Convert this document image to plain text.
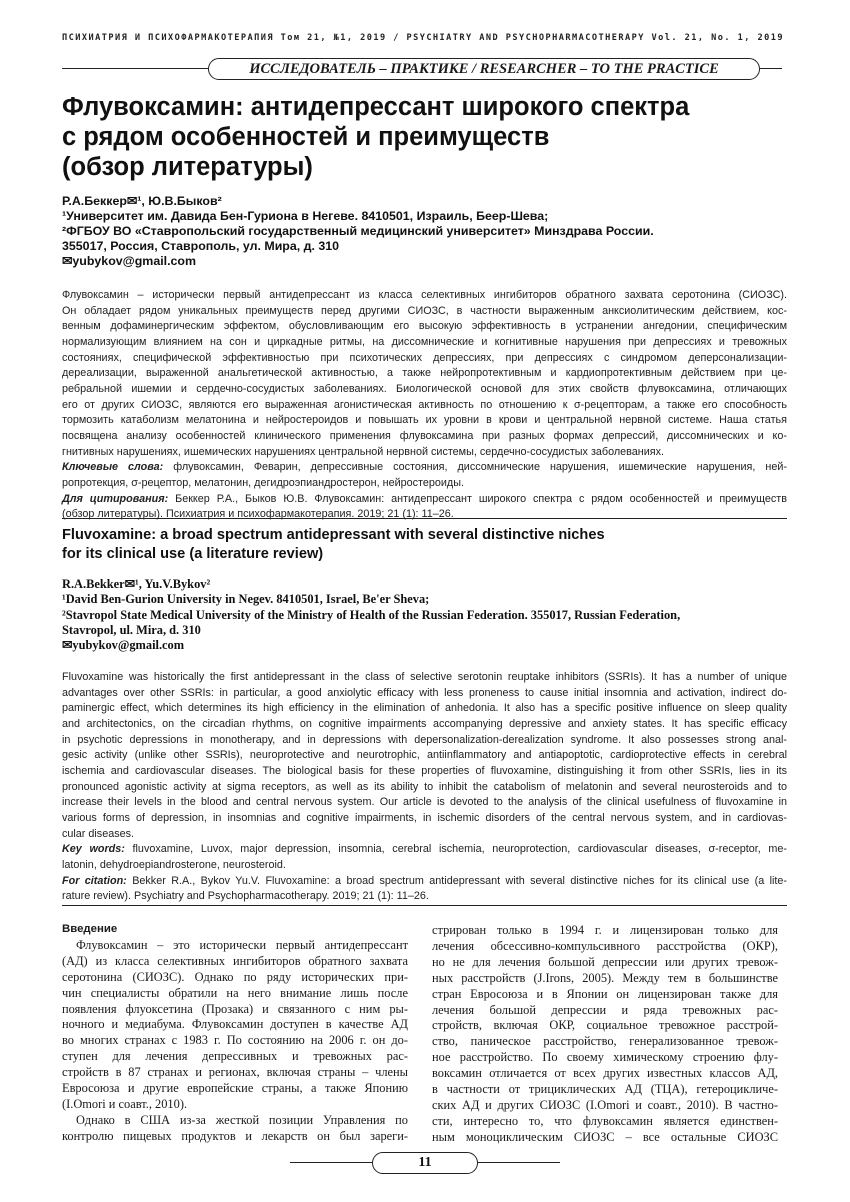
ПСИХИАТРИЯ И ПСИХОФАРМАКОТЕРАПИЯ Том 21, №1, 2019 / PSYCHIATRY AND PSYCHOPHARMACOTHERAPY Vol. 21, No. 1, 2019
ИССЛЕДОВАТЕЛЬ – ПРАКТИКЕ / RESEARCHER – TO THE PRACTICE
Флувоксамин: антидепрессант широкого спектра
с рядом особенностей и преимуществ
(обзор литературы)
Р.А.Беккер✉¹, Ю.В.Быков²
¹Университет им. Давида Бен-Гуриона в Негеве. 8410501, Израиль, Беер-Шева;
²ФГБОУ ВО «Ставропольский государственный медицинский университет» Минздрава России.
355017, Россия, Ставрополь, ул. Мира, д. 310
✉yubykov@gmail.com
Флувоксамин – исторически первый антидепрессант из класса селективных ингибиторов обратного захвата серотонина (СИОЗС).
Он обладает рядом уникальных преимуществ перед другими СИОЗС, в частности выраженным анксиолитическим действием, кос-
венным дофаминергическим эффектом, обусловливающим его высокую эффективность в устранении ангедонии, специфическим
нормализующим влиянием на сон и циркадные ритмы, на диссомнические и когнитивные нарушения при депрессиях и тревожных
состояниях, специфической эффективностью при психотических депрессиях, при депрессиях с синдромом деперсонализации-
дереализации, выраженной анальгетической активностью, а также нейропротективным и кардиопротективным действием при це-
ребральной ишемии и сердечно-сосудистых заболеваниях. Биологической основой для этих свойств флувоксамина, отличающих
его от других СИОЗС, являются его выраженная агонистическая активность по отношению к σ-рецепторам, а также его способность
тормозить катаболизм мелатонина и нейростероидов и повышать их уровни в крови и центральной нервной системе. Наша статья
посвящена анализу особенностей клинического применения флувоксамина при разных формах депрессий, диссомнических и ко-
гнитивных нарушениях, ишемических нарушениях центральной нервной системы, сердечно-сосудистых заболеваниях.
Ключевые слова: флувоксамин, Феварин, депрессивные состояния, диссомнические нарушения, ишемические нарушения, ней-
ропротекция, σ-рецептор, мелатонин, дегидроэпиандростерон, нейростероиды.
Для цитирования: Беккер Р.А., Быков Ю.В. Флувоксамин: антидепрессант широкого спектра с рядом особенностей и преимуществ
(обзор литературы). Психиатрия и психофармакотерапия. 2019; 21 (1): 11–26.
Fluvoxamine: a broad spectrum antidepressant with several distinctive niches
for its clinical use (a literature review)
R.A.Bekker✉¹, Yu.V.Bykov²
¹David Ben-Gurion University in Negev. 8410501, Israel, Be'er Sheva;
²Stavropol State Medical University of the Ministry of Health of the Russian Federation. 355017, Russian Federation,
Stavropol, ul. Mira, d. 310
✉yubykov@gmail.com
Fluvoxamine was historically the first antidepressant in the class of selective serotonin reuptake inhibitors (SSRIs). It has a number of unique
advantages over other SSRIs: in particular, a good anxiolytic efficacy with less proneness to cause initial insomnia and activation, indirect do-
paminergic effect, which determines its high efficiency in the elimination of anhedonia. It also has a specific positive influence on sleep quality
and architectonics, on the circadian rhythms, on cognitive impairments accompanying depressive and anxiety states. It has specific efficacy
in psychotic depressions in monotherapy, and in depressions with depersonalization-derealization syndrome. It also possesses strong anal-
gesic activity (unlike other SSRIs), neuroprotective and neurotrophic, antiinflammatory and antiapoptotic, cardioprotective effects in cerebral
ischemia and cardiovascular diseases. The biological basis for these properties of fluvoxamine, distinguishing it from other SSRIs, lies in its
pronounced agonistic activity at sigma receptors, as well as its ability to inhibit the catabolism of melatonin and several neurosteroids and to
increase their levels in the blood and central nervous system. Our article is devoted to the analysis of the clinical usefulness of fluvoxamine in
various forms of depression, in insomnias and cognitive impairments, in ischemic disorders of the central nervous system, and in cardiovas-
cular diseases.
Key words: fluvoxamine, Luvox, major depression, insomnia, cerebral ischemia, neuroprotection, cardiovascular diseases, σ-receptor, me-
latonin, dehydroepiandrosterone, neurosteroid.
For citation: Bekker R.A., Bykov Yu.V. Fluvoxamine: a broad spectrum antidepressant with several distinctive niches for its clinical use (a lite-
rature review). Psychiatry and Psychopharmacotherapy. 2019; 21 (1): 11–26.
Введение
Флувоксамин – это исторически первый антидепрессант
(АД) из класса селективных ингибиторов обратного захвата
серотонина (СИОЗС). Однако по ряду исторических при-
чин специалисты обратили на него внимание лишь после
появления флуоксетина (Прозака) и связанного с ним ры-
ночного и медиабума. Флувоксамин доступен в качестве АД
во многих странах с 1983 г. По состоянию на 2006 г. он до-
ступен для лечения депрессивных и тревожных рас-
стройств в 87 странах и регионах, включая страны – члены
Евросоюза и другие европейские страны, а также Японию
(I.Omori и соавт., 2010).
Однако в США из-за жесткой позиции Управления по
контролю пищевых продуктов и лекарств он был зареги-
стрирован только в 1994 г. и лицензирован только для
лечения обсессивно-компульсивного расстройства (ОКР),
но не для лечения большой депрессии или других тревож-
ных расстройств (J.Irons, 2005). Между тем в большинстве
стран Евросоюза и в Японии он лицензирован также для
лечения большой депрессии и ряда тревожных рас-
стройств, включая ОКР, социальное тревожное расстрой-
ство, паническое расстройство, генерализованное тревож-
ное расстройство. По своему химическому строению флу-
воксамин отличается от всех других известных классов АД,
в частности от трициклических АД (ТЦА), гетероцикличе-
ских АД и других СИОЗС (I.Omori и соавт., 2010). В частно-
сти, интересно то, что флувоксамин является единствен-
ным моноциклическим СИОЗС – все остальные СИОЗС
11
